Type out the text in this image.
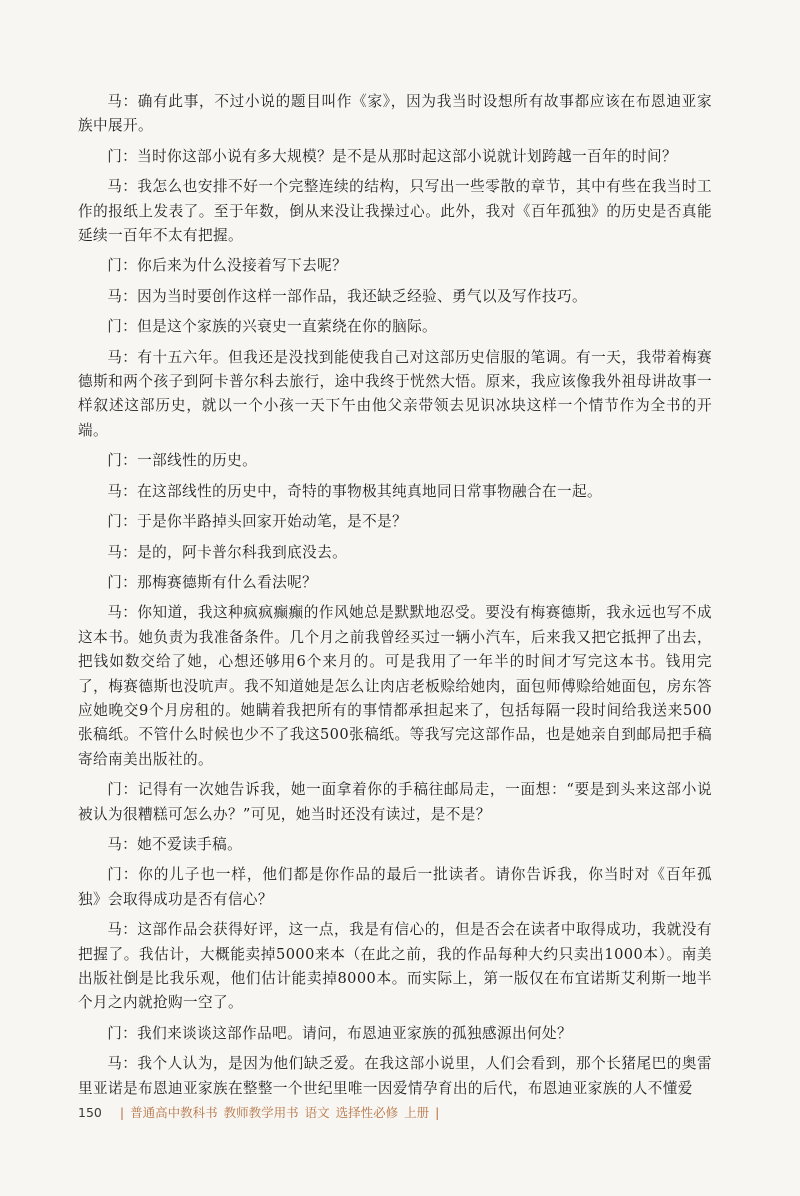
马：确有此事，不过小说的题目叫作《家》，因为我当时设想所有故事都应该在布恩迪亚家族中展开。

门：当时你这部小说有多大规模？是不是从那时起这部小说就计划跨越一百年的时间？

马：我怎么也安排不好一个完整连续的结构，只写出一些零散的章节，其中有些在我当时工作的报纸上发表了。至于年数，倒从来没让我操过心。此外，我对《百年孤独》的历史是否真能延续一百年不太有把握。

门：你后来为什么没接着写下去呢？

马：因为当时要创作这样一部作品，我还缺乏经验、勇气以及写作技巧。

门：但是这个家族的兴衰史一直萦绕在你的脑际。

马：有十五六年。但我还是没找到能使我自己对这部历史信服的笔调。有一天，我带着梅赛德斯和两个孩子到阿卡普尔科去旅行，途中我终于恍然大悟。原来，我应该像我外祖母讲故事一样叙述这部历史，就以一个小孩一天下午由他父亲带领去见识冰块这样一个情节作为全书的开端。

门：一部线性的历史。

马：在这部线性的历史中，奇特的事物极其纯真地同日常事物融合在一起。

门：于是你半路掉头回家开始动笔，是不是？

马：是的，阿卡普尔科我到底没去。

门：那梅赛德斯有什么看法呢？

马：你知道，我这种疯疯癫癫的作风她总是默默地忍受。要没有梅赛德斯，我永远也写不成这本书。她负责为我准备条件。几个月之前我曾经买过一辆小汽车，后来我又把它抵押了出去，把钱如数交给了她，心想还够用6个来月的。可是我用了一年半的时间才写完这本书。钱用完了，梅赛德斯也没吭声。我不知道她是怎么让肉店老板赊给她肉，面包师傅赊给她面包，房东答应她晚交9个月房租的。她瞒着我把所有的事情都承担起来了，包括每隔一段时间给我送来500张稿纸。不管什么时候也少不了我这500张稿纸。等我写完这部作品，也是她亲自到邮局把手稿寄给南美出版社的。

门：记得有一次她告诉我，她一面拿着你的手稿往邮局走，一面想：“要是到头来这部小说被认为很糟糕可怎么办？”可见，她当时还没有读过，是不是？

马：她不爱读手稿。

门：你的儿子也一样，他们都是你作品的最后一批读者。请你告诉我，你当时对《百年孤独》会取得成功是否有信心？

马：这部作品会获得好评，这一点，我是有信心的，但是否会在读者中取得成功，我就没有把握了。我估计，大概能卖掉5000来本（在此之前，我的作品每种大约只卖出1000本）。南美出版社倒是比我乐观，他们估计能卖掉8000本。而实际上，第一版仅在布宜诺斯艾利斯一地半个月之内就抢购一空了。

门：我们来谈谈这部作品吧。请问，布恩迪亚家族的孤独感源出何处？

马：我个人认为，是因为他们缺乏爱。在我这部小说里，人们会看到，那个长猪尾巴的奥雷里亚诺是布恩迪亚家族在整整一个世纪里唯一因爱情孕育出的后代，布恩迪亚家族的人不懂爱

150 | 普通高中教科书 教师教学用书 语文 选择性必修 上册 |
